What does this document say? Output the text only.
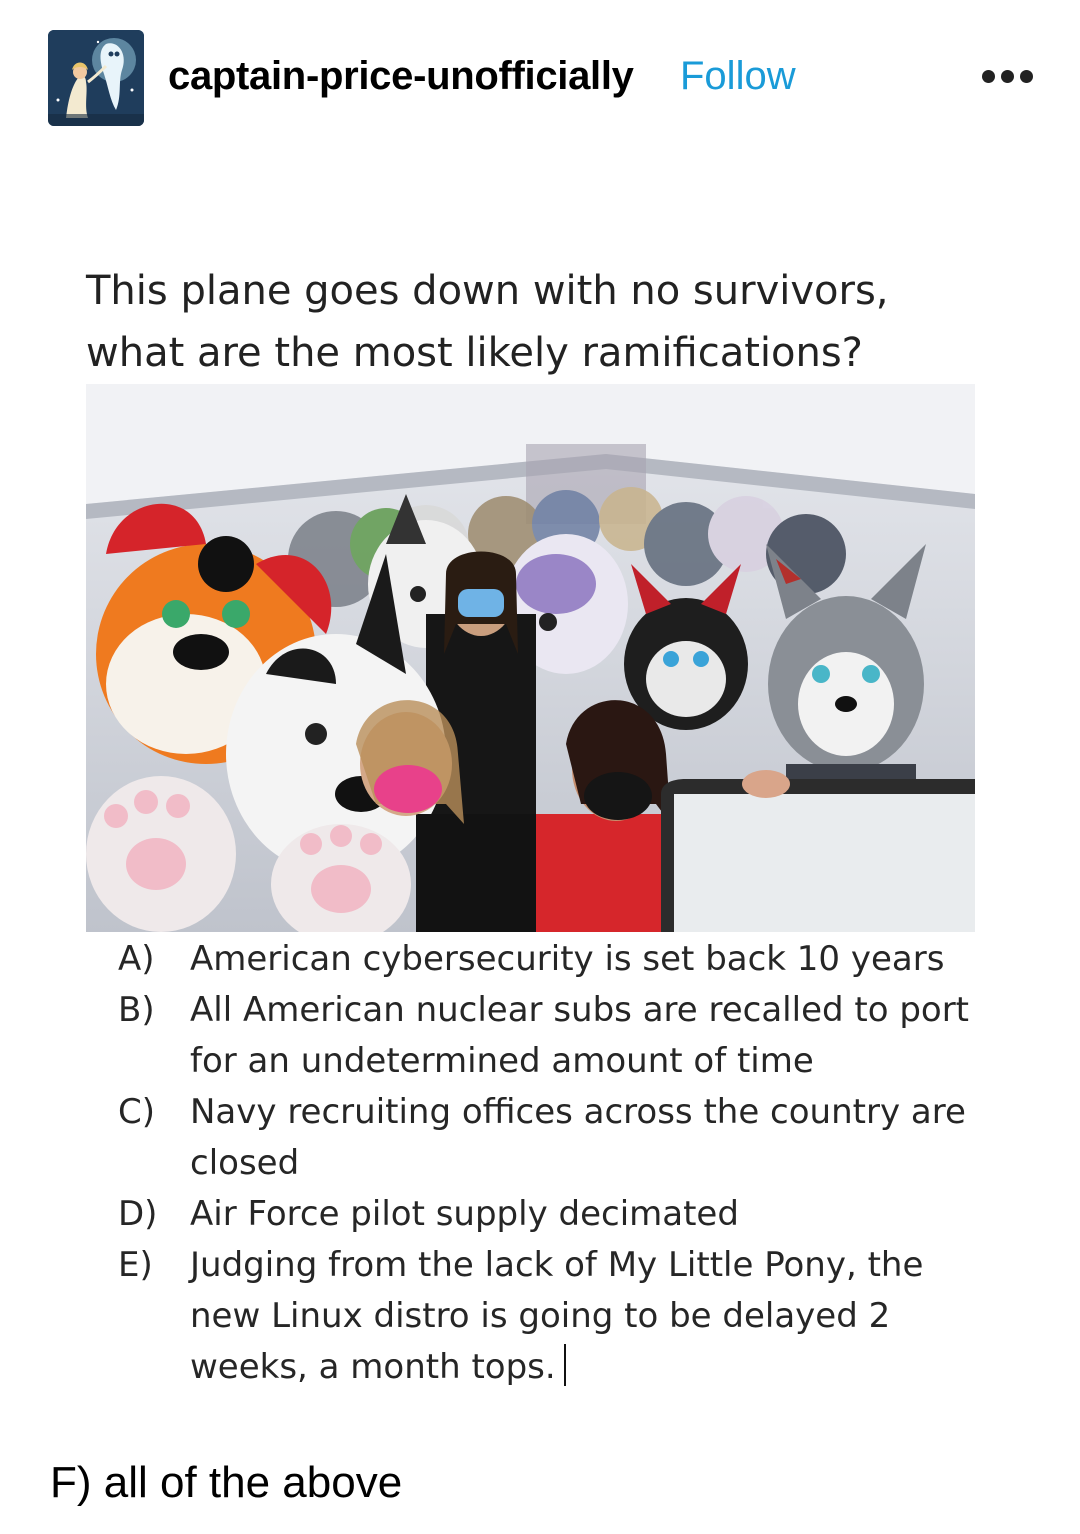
captain-price-unofficially Follow
This plane goes down with no survivors,
what are the most likely ramifications?
A) American cybersecurity is set back 10 years
B) All American nuclear subs are recalled to port for an undetermined amount of time
C) Navy recruiting offices across the country are closed
D) Air Force pilot supply decimated
E) Judging from the lack of My Little Pony, the new Linux distro is going to be delayed 2 weeks, a month tops.
F) all of the above
